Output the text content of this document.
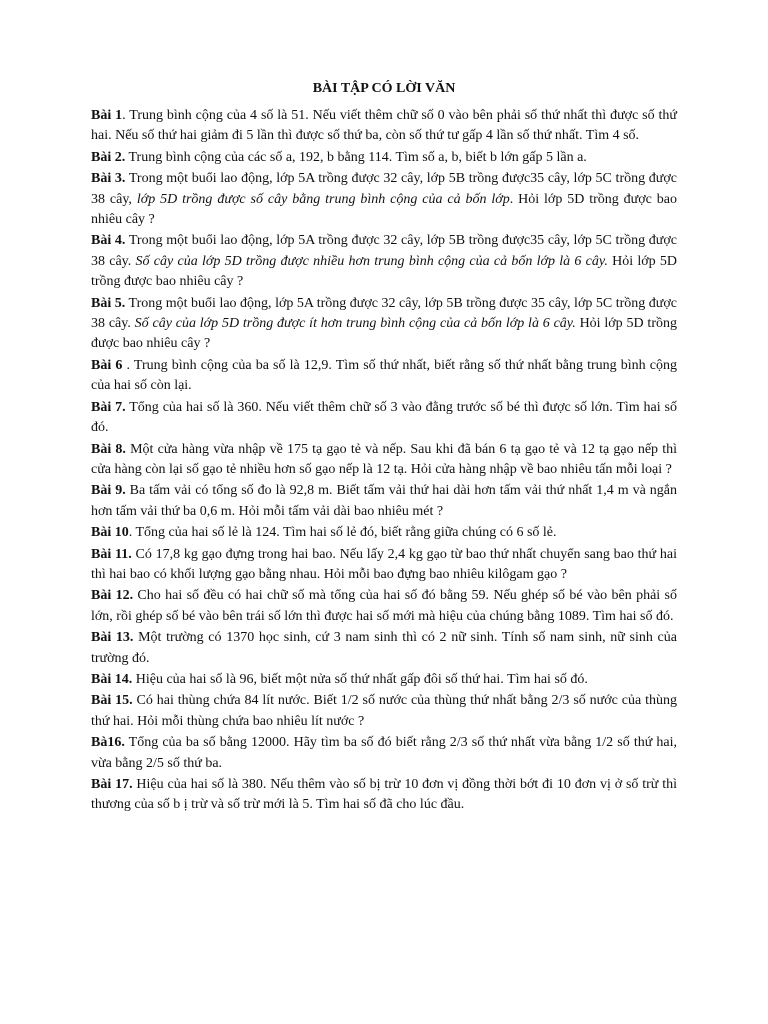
BÀI TẬP CÓ LỜI VĂN

Bài 1. Trung bình cộng của 4 số là 51. Nếu viết thêm chữ số 0 vào bên phải số thứ nhất thì được số thứ hai. Nếu số thứ hai giảm đi 5 lần thì được số thứ ba, còn số thứ tư gấp 4 lần số thứ nhất. Tìm 4 số.

Bài 2. Trung bình cộng của các số a, 192, b bằng 114. Tìm số a, b, biết b lớn gấp 5 lần a.

Bài 3. Trong một buổi lao động, lớp 5A trồng được 32 cây, lớp 5B trồng được35 cây, lớp 5C trồng được 38 cây, lớp 5D trồng được số cây bằng trung bình cộng của cả bốn lớp. Hỏi lớp 5D trồng được bao nhiêu cây ?

Bài 4. Trong một buổi lao động, lớp 5A trồng được 32 cây, lớp 5B trồng được35 cây, lớp 5C trồng được 38 cây. Số cây của lớp 5D trồng được nhiều hơn trung bình cộng của cả bốn lớp là 6 cây. Hỏi lớp 5D trồng được bao nhiêu cây ?

Bài 5. Trong một buổi lao động, lớp 5A trồng được 32 cây, lớp 5B trồng được 35 cây, lớp 5C trồng được 38 cây. Số cây của lớp 5D trồng được ít hơn trung bình cộng của cả bốn lớp là 6 cây. Hỏi lớp 5D trồng được bao nhiêu cây ?

Bài 6 . Trung bình cộng của ba số là 12,9. Tìm số thứ nhất, biết rằng số thứ nhất bằng trung bình cộng của hai số còn lại.

Bài 7. Tổng của hai số là 360. Nếu viết thêm chữ số 3 vào đằng trước số bé thì được số lớn. Tìm hai số đó.

Bài 8. Một cửa hàng vừa nhập về 175 tạ gạo tẻ và nếp. Sau khi đã bán 6 tạ gạo tẻ và 12 tạ gạo nếp thì cửa hàng còn lại số gạo tẻ nhiều hơn số gạo nếp là 12 tạ. Hỏi cửa hàng nhập về bao nhiêu tấn mỗi loại ?

Bài 9. Ba tấm vải có tổng số đo là 92,8 m. Biết tấm vải thứ hai dài hơn tấm vải thứ nhất 1,4 m và ngắn hơn tấm vải thứ ba 0,6 m. Hỏi mỗi tấm vải dài bao nhiêu mét ?

Bài 10. Tổng của hai số lẻ là 124. Tìm hai số lẻ đó, biết rằng giữa chúng có 6 số lẻ.

Bài 11. Có 17,8 kg gạo đựng trong hai bao. Nếu lấy 2,4 kg gạo từ bao thứ nhất chuyển sang bao thứ hai thì hai bao có khối lượng gạo bằng nhau. Hỏi mỗi bao đựng bao nhiêu kilôgam gạo ?

Bài 12. Cho hai số đều có hai chữ số mà tổng của hai số đó bằng 59. Nếu ghép số bé vào bên phải số lớn, rồi ghép số bé vào bên trái số lớn thì được hai số mới mà hiệu của chúng bằng 1089. Tìm hai số đó.

Bài 13. Một trường có 1370 học sinh, cứ 3 nam sinh thì có 2 nữ sinh. Tính số nam sinh, nữ sinh của trường đó.

Bài 14. Hiệu của hai số là 96, biết một nửa số thứ nhất gấp đôi số thứ hai. Tìm hai số đó.

Bài 15. Có hai thùng chứa 84 lít nước. Biết 1/2 số nước của thùng thứ nhất bằng 2/3 số nước của thùng thứ hai. Hỏi mỗi thùng chứa bao nhiêu lít nước ?

Bà16. Tổng của ba số bằng 12000. Hãy tìm ba số đó biết rằng 2/3 số thứ nhất vừa bằng 1/2 số thứ hai, vừa bằng 2/5 số thứ ba.

Bài 17. Hiệu của hai số là 380. Nếu thêm vào số bị trừ 10 đơn vị đồng thời bớt đi 10 đơn vị ở số trừ thì thương của số b ị trừ và số trừ mới là 5. Tìm hai số đã cho lúc đầu.
